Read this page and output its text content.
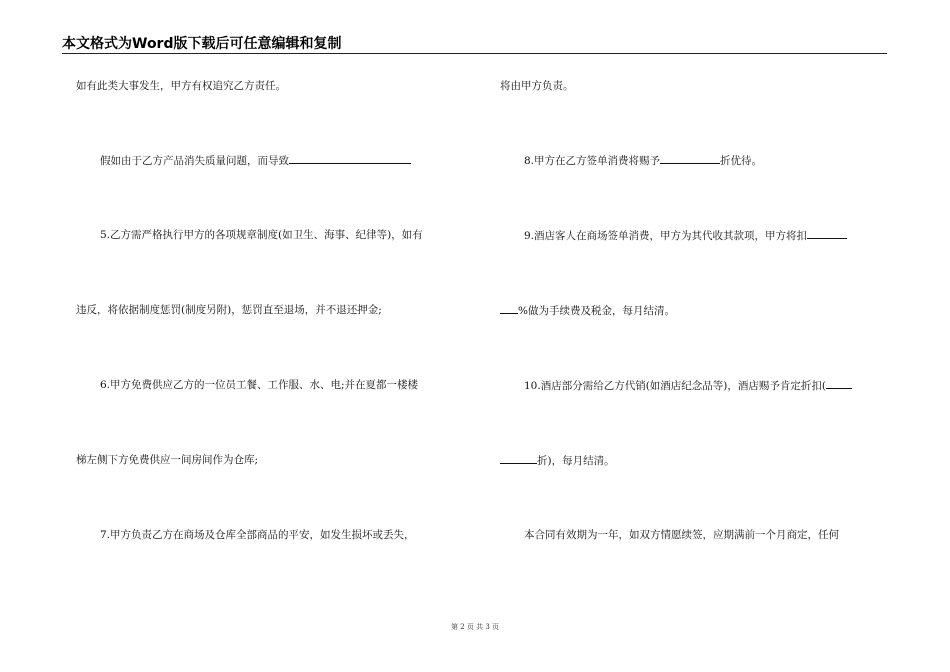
本文格式为Word版下载后可任意编辑和复制
如有此类大事发生，甲方有权追究乙方责任。
假如由于乙方产品消失质量问题，而导致
5.乙方需严格执行甲方的各项规章制度(如卫生、海事、纪律等)，如有
违反，将依据制度惩罚(制度另附)，惩罚直至退场，并不退还押金;
6.甲方免费供应乙方的一位员工餐、工作服、水、电;并在夏都一楼楼
梯左侧下方免费供应一间房间作为仓库;
7.甲方负责乙方在商场及仓库全部商品的平安，如发生损坏或丢失，
将由甲方负责。
8.甲方在乙方签单消费将赐予	折优待。
9.酒店客人在商场签单消费，甲方为其代收其款项，甲方将扣
%做为手续费及税金，每月结清。
10.酒店部分需给乙方代销(如酒店纪念品等)，酒店赐予肯定折扣(
折)，每月结清。
本合同有效期为一年，如双方情愿续签，应期满前一个月商定，任何
第 2 页 共 3 页
